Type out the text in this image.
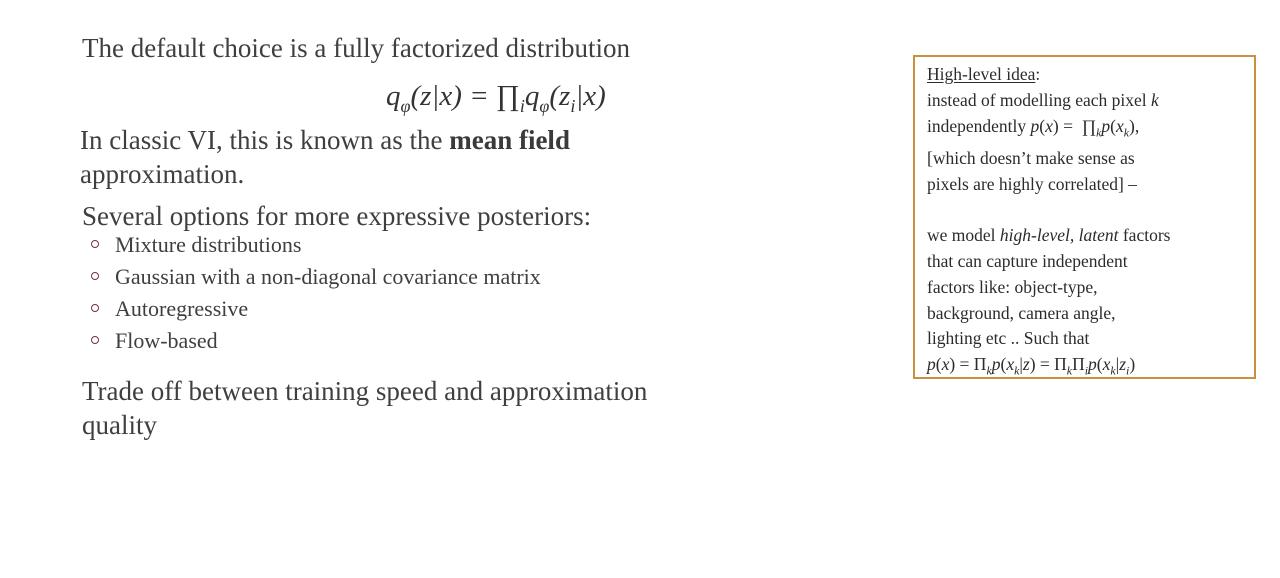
The default choice is a fully factorized distribution
$q_\varphi(z|x)$ = $\prod_iq_\varphi(z_i|x)$
In classic VI, this is known as the mean field
approximation.
Several options for more expressive posteriors:
Mixture distributions
Gaussian with a non-diagonal covariance matrix
Autoregressive
Flow-based
Trade off between training speed and approximation
quality
High-level idea:
instead of modelling each pixel k
independently $p(x) = \prod_kp(x_k)$,
[which doesn’t make sense as
pixels are highly correlated] –
we model high-level, latent factors
that can capture independent
factors like: object-type,
background, camera angle,
lighting etc .. Such that
$p(x) = \Pi_kp(x_k|z) = \Pi_k\Pi_ip(x_k|z_i)$
